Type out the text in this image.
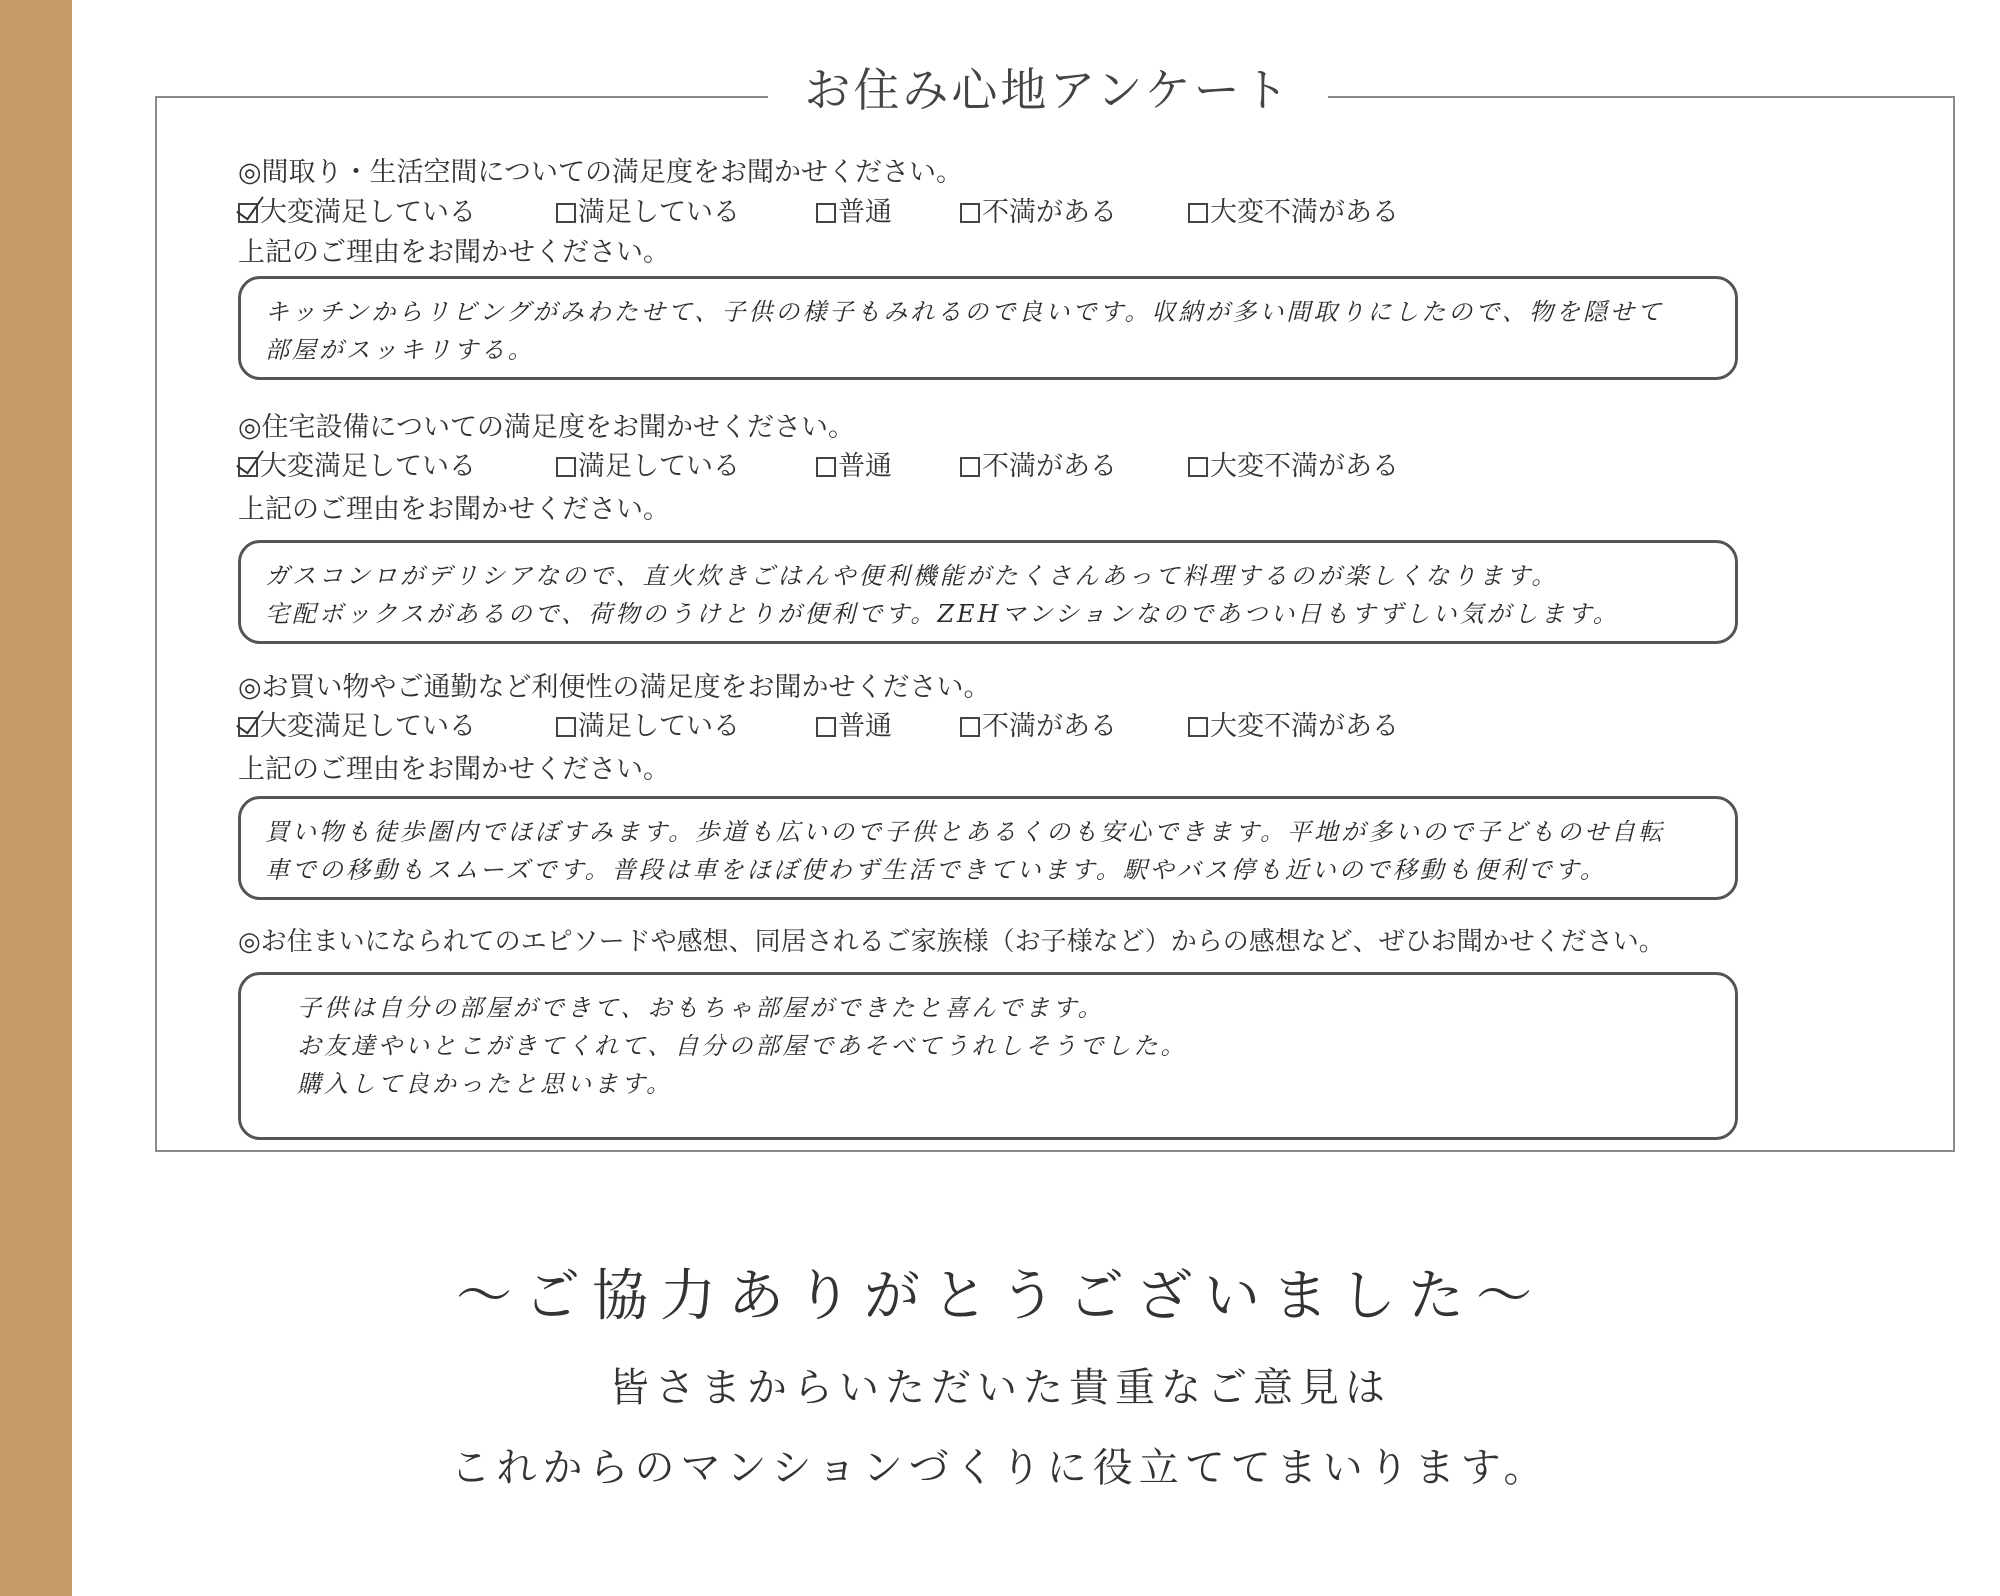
お住み心地アンケート
◎間取り・生活空間についての満足度をお聞かせください。
大変満足している	満足している	普通	不満がある	大変不満がある
上記のご理由をお聞かせください。
キッチンからリビングがみわたせて、子供の様子もみれるので良いです。収納が多い間取りにしたので、物を隠せて
部屋がスッキリする。
◎住宅設備についての満足度をお聞かせください。
大変満足している	満足している	普通	不満がある	大変不満がある
上記のご理由をお聞かせください。
ガスコンロがデリシアなので、直火炊きごはんや便利機能がたくさんあって料理するのが楽しくなります。
宅配ボックスがあるので、荷物のうけとりが便利です。ZEHマンションなのであつい日もすずしい気がします。
◎お買い物やご通勤など利便性の満足度をお聞かせください。
大変満足している	満足している	普通	不満がある	大変不満がある
上記のご理由をお聞かせください。
買い物も徒歩圏内でほぼすみます。歩道も広いので子供とあるくのも安心できます。平地が多いので子どものせ自転
車での移動もスムーズです。普段は車をほぼ使わず生活できています。駅やバス停も近いので移動も便利です。
◎お住まいになられてのエピソードや感想、同居されるご家族様（お子様など）からの感想など、ぜひお聞かせください。
子供は自分の部屋ができて、おもちゃ部屋ができたと喜んでます。
お友達やいとこがきてくれて、自分の部屋であそべてうれしそうでした。
購入して良かったと思います。
～ご協力ありがとうございました～
皆さまからいただいた貴重なご意見は
これからのマンションづくりに役立ててまいります。
